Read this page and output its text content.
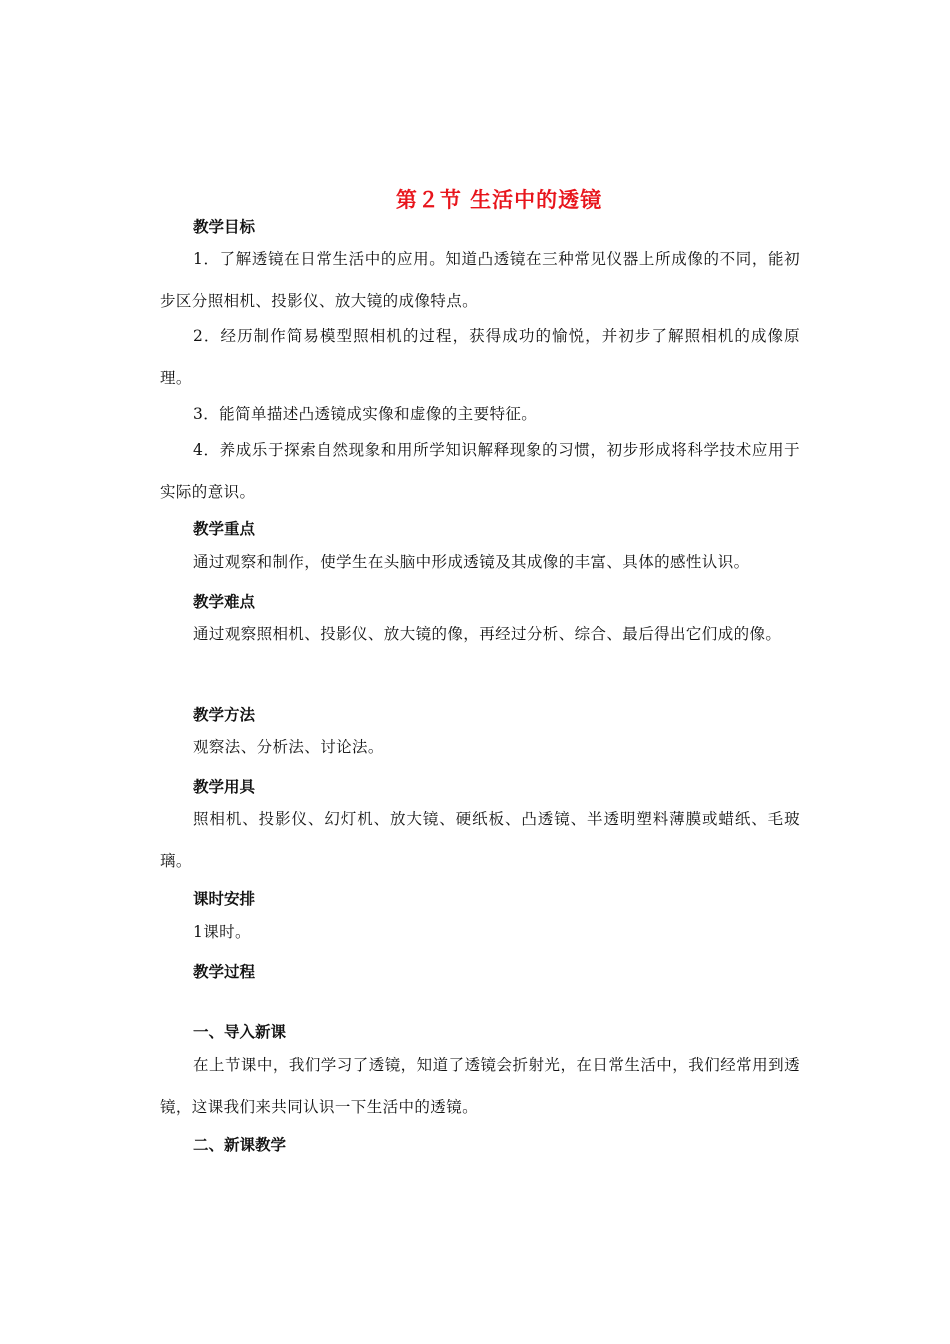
第２节 生活中的透镜
教学目标
1．了解透镜在日常生活中的应用。知道凸透镜在三种常见仪器上所成像的不同，能初步区分照相机、投影仪、放大镜的成像特点。
2．经历制作简易模型照相机的过程，获得成功的愉悦，并初步了解照相机的成像原理。
3．能简单描述凸透镜成实像和虚像的主要特征。
4．养成乐于探索自然现象和用所学知识解释现象的习惯，初步形成将科学技术应用于实际的意识。
教学重点
通过观察和制作，使学生在头脑中形成透镜及其成像的丰富、具体的感性认识。
教学难点
通过观察照相机、投影仪、放大镜的像，再经过分析、综合、最后得出它们成的像。
教学方法
观察法、分析法、讨论法。
教学用具
照相机、投影仪、幻灯机、放大镜、硬纸板、凸透镜、半透明塑料薄膜或蜡纸、毛玻璃。
课时安排
1课时。
教学过程
一、导入新课
在上节课中，我们学习了透镜，知道了透镜会折射光，在日常生活中，我们经常用到透镜，这课我们来共同认识一下生活中的透镜。
二、新课教学
